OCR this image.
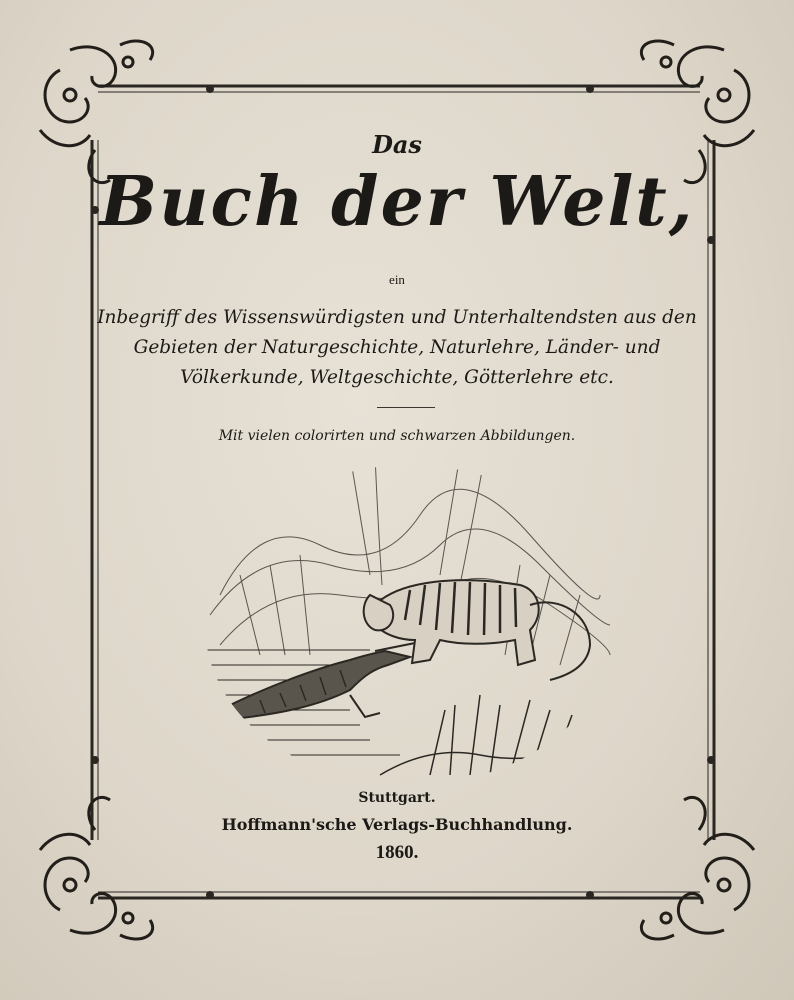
Das
Buch der Welt,
ein
Inbegriff des Wissenswürdigsten und Unterhaltendsten aus den
Gebieten der Naturgeschichte, Naturlehre, Länder- und
Völkerkunde, Weltgeschichte, Götterlehre etc.
Mit vielen colorirten und schwarzen Abbildungen.
Stuttgart.
Hoffmann'sche Verlags-Buchhandlung.
1860.
